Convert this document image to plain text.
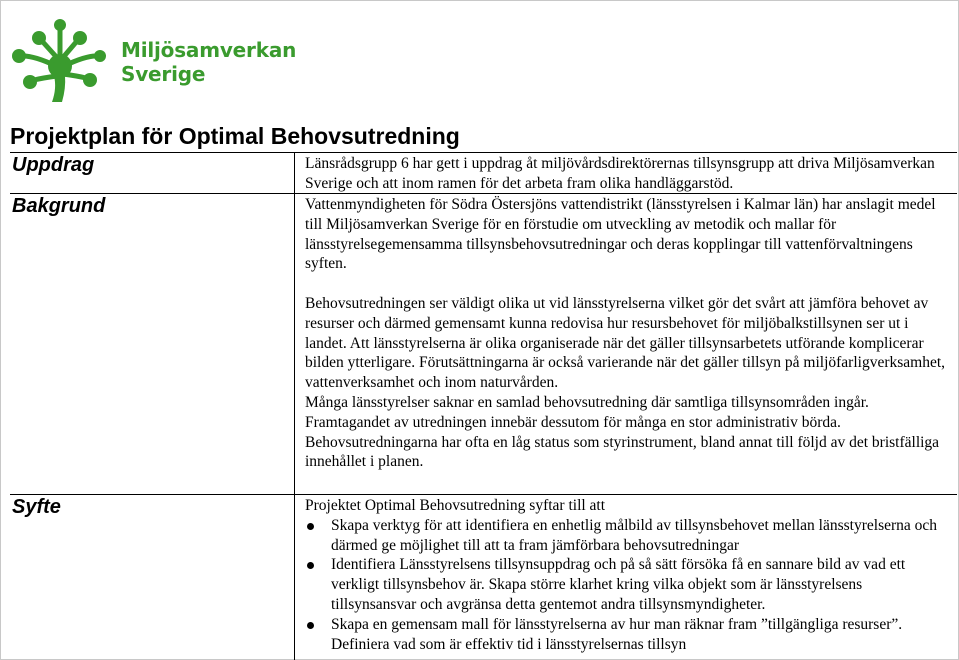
Miljösamverkan
Sverige
Projektplan för Optimal Behovsutredning
Uppdrag	Länsrådsgrupp 6 har gett i uppdrag åt miljövårdsdirektörernas tillsynsgrupp att driva Miljösamverkan Sverige och att inom ramen för det arbeta fram olika handläggarstöd.

Bakgrund	Vattenmyndigheten för Södra Östersjöns vattendistrikt (länsstyrelsen i Kalmar län) har anslagit medel till Miljösamverkan Sverige för en förstudie om utveckling av metodik och mallar för länsstyrelsegemensamma tillsynsbehovsutredningar och deras kopplingar till vattenförvaltningens syften.

Behovsutredningen ser väldigt olika ut vid länsstyrelserna vilket gör det svårt att jämföra behovet av resurser och därmed gemensamt kunna redovisa hur resursbehovet för miljöbalkstillsynen ser ut i landet. Att länsstyrelserna är olika organiserade när det gäller tillsynsarbetets utförande komplicerar bilden ytterligare. Förutsättningarna är också varierande när det gäller tillsyn på miljöfarligverksamhet, vattenverksamhet och inom naturvården.

Många länsstyrelser saknar en samlad behovsutredning där samtliga tillsynsområden ingår. Framtagandet av utredningen innebär dessutom för många en stor administrativ börda.

Behovsutredningarna har ofta en låg status som styrinstrument, bland annat till följd av det bristfälliga innehållet i planen.

Syfte	Projektet Optimal Behovsutredning syftar till att

Skapa verktyg för att identifiera en enhetlig målbild av tillsynsbehovet mellan länsstyrelserna och därmed ge möjlighet till att ta fram jämförbara behovsutredningar
Identifiera Länsstyrelsens tillsynsuppdrag och på så sätt försöka få en sannare bild av vad ett verkligt tillsynsbehov är. Skapa större klarhet kring vilka objekt som är länsstyrelsens tillsynsansvar och avgränsa detta gentemot andra tillsynsmyndigheter.
Skapa en gemensam mall för länsstyrelserna av hur man räknar fram ”tillgängliga resurser”. Definiera vad som är effektiv tid i länsstyrelsernas tillsyn
